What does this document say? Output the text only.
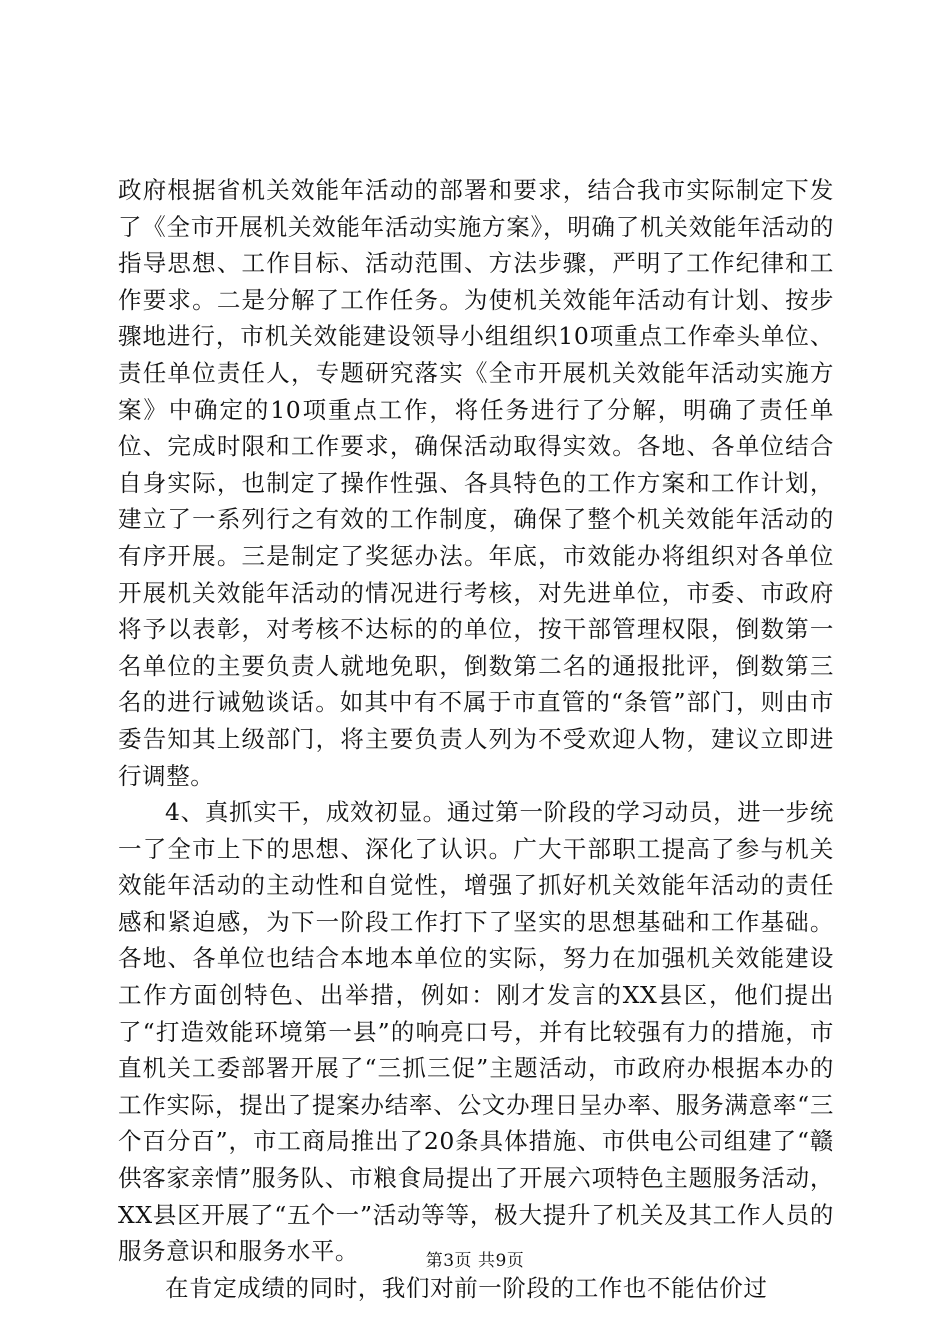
政府根据省机关效能年活动的部署和要求，结合我市实际制定下发了《全市开展机关效能年活动实施方案》，明确了机关效能年活动的指导思想、工作目标、活动范围、方法步骤，严明了工作纪律和工作要求。二是分解了工作任务。为使机关效能年活动有计划、按步骤地进行，市机关效能建设领导小组组织10项重点工作牵头单位、责任单位责任人，专题研究落实《全市开展机关效能年活动实施方案》中确定的10项重点工作，将任务进行了分解，明确了责任单位、完成时限和工作要求，确保活动取得实效。各地、各单位结合自身实际，也制定了操作性强、各具特色的工作方案和工作计划，建立了一系列行之有效的工作制度，确保了整个机关效能年活动的有序开展。三是制定了奖惩办法。年底，市效能办将组织对各单位开展机关效能年活动的情况进行考核，对先进单位，市委、市政府将予以表彰，对考核不达标的的单位，按干部管理权限，倒数第一名单位的主要负责人就地免职，倒数第二名的通报批评，倒数第三名的进行诫勉谈话。如其中有不属于市直管的“条管”部门，则由市委告知其上级部门，将主要负责人列为不受欢迎人物，建议立即进行调整。

4、真抓实干，成效初显。通过第一阶段的学习动员，进一步统一了全市上下的思想、深化了认识。广大干部职工提高了参与机关效能年活动的主动性和自觉性，增强了抓好机关效能年活动的责任感和紧迫感，为下一阶段工作打下了坚实的思想基础和工作基础。各地、各单位也结合本地本单位的实际，努力在加强机关效能建设工作方面创特色、出举措，例如：刚才发言的XX县区，他们提出了“打造效能环境第一县”的响亮口号，并有比较强有力的措施，市直机关工委部署开展了“三抓三促”主题活动，市政府办根据本办的工作实际，提出了提案办结率、公文办理日呈办率、服务满意率“三个百分百”，市工商局推出了20条具体措施、市供电公司组建了“赣供客家亲情”服务队、市粮食局提出了开展六项特色主题服务活动，XX县区开展了“五个一”活动等等，极大提升了机关及其工作人员的服务意识和服务水平。

在肯定成绩的同时，我们对前一阶段的工作也不能估价过

第3页 共9页
